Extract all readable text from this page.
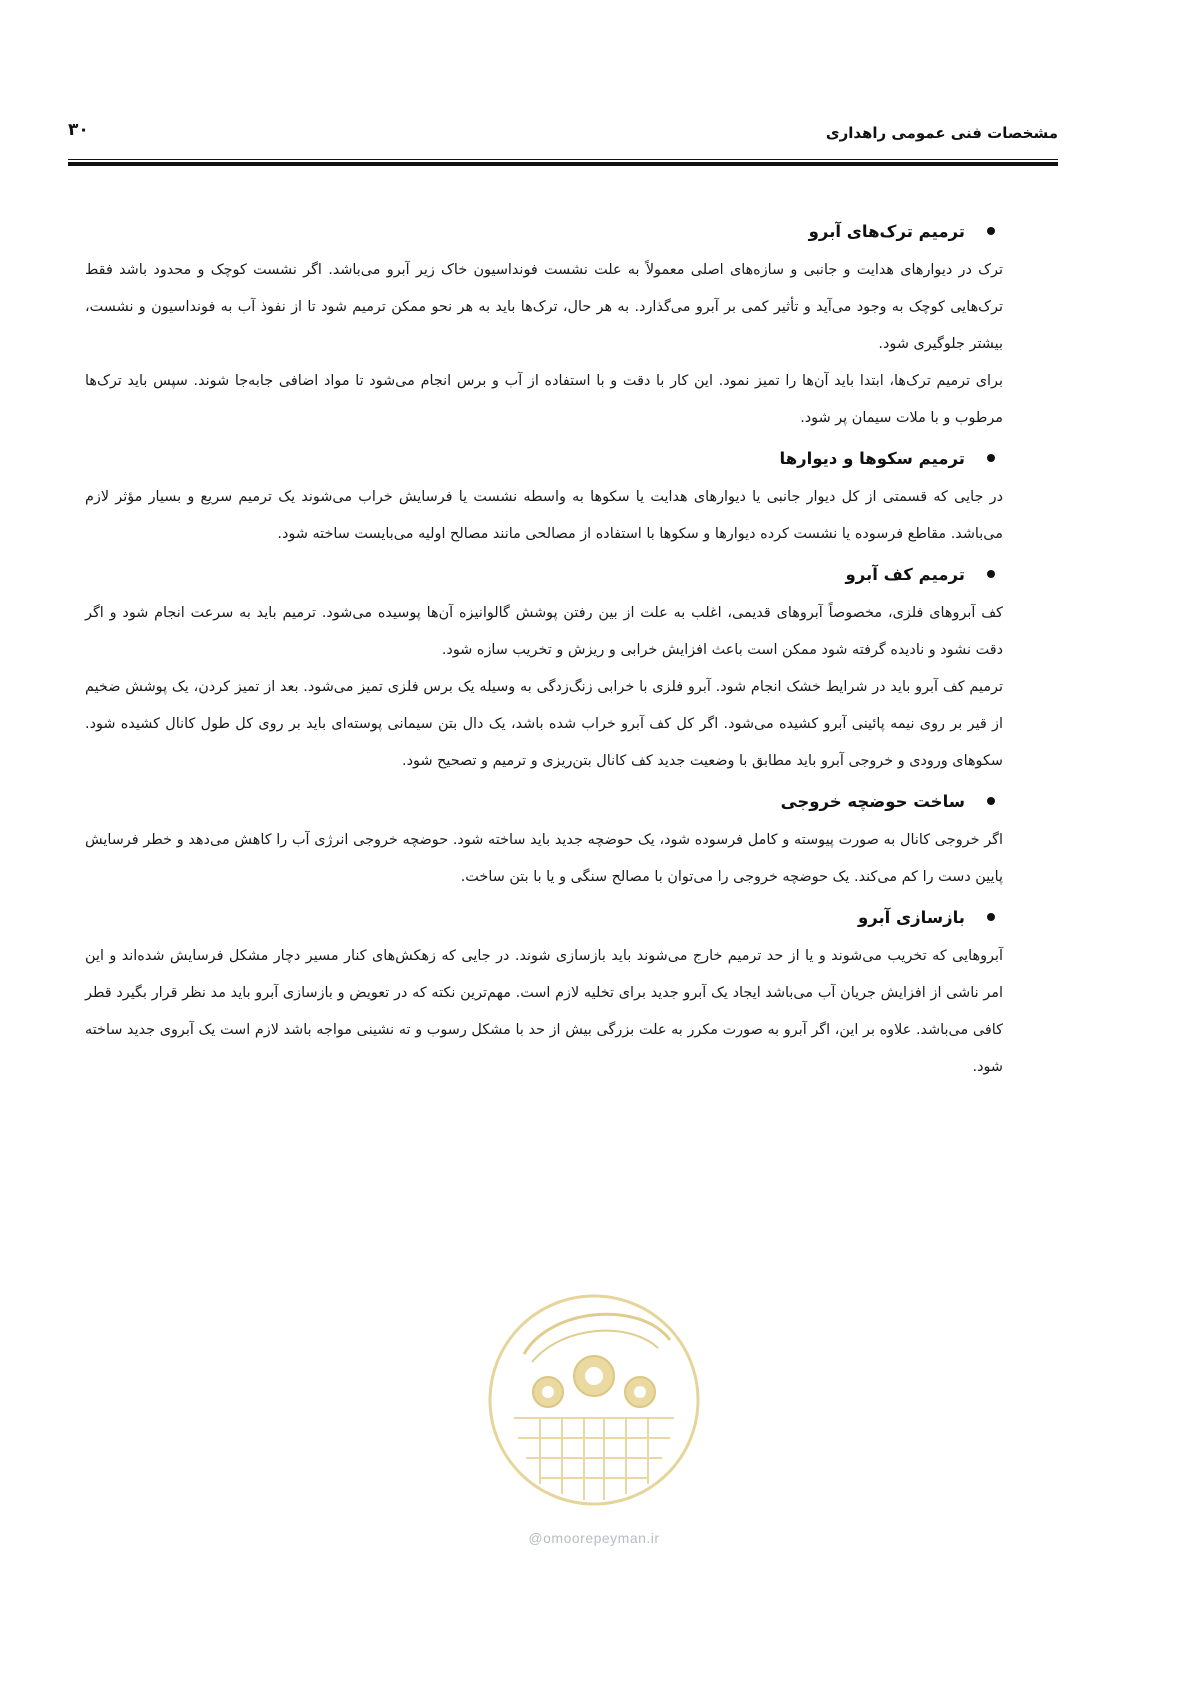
مشخصات فنی عمومی راهداری
۳۰
ترمیم ترک‌های آبرو

ترک در دیوارهای هدایت و جانبی و سازه‌های اصلی معمولاً به علت نشست فونداسیون خاک زیر آبرو می‌باشد. اگر نشست کوچک و محدود باشد فقط ترک‌هایی کوچک به وجود می‌آید و تأثیر کمی بر آبرو می‌گذارد. به هر حال، ترک‌ها باید به هر نحو ممکن ترمیم شود تا از نفوذ آب به فونداسیون و نشست، بیشتر جلوگیری شود.

برای ترمیم ترک‌ها، ابتدا باید آن‌ها را تمیز نمود. این کار با دقت و با استفاده از آب و برس انجام می‌شود تا مواد اضافی جابه‌جا شوند. سپس باید ترک‌ها مرطوب و با ملات سیمان پر شود.

ترمیم سکوها و دیوارها

در جایی که قسمتی از کل دیوار جانبی یا دیوارهای هدایت یا سکوها به واسطه نشست یا فرسایش خراب می‌شوند یک ترمیم سریع و بسیار مؤثر لازم می‌باشد. مقاطع فرسوده یا نشست کرده دیوارها و سکوها با استفاده از مصالحی مانند مصالح اولیه می‌بایست ساخته شود.

ترمیم کف آبرو

کف آبروهای فلزی، مخصوصاً آبروهای قدیمی، اغلب به علت از بین رفتن پوشش گالوانیزه آن‌ها پوسیده می‌شود. ترمیم باید به سرعت انجام شود و اگر دقت نشود و نادیده گرفته شود ممکن است باعث افزایش خرابی و ریزش و تخریب سازه شود.

ترمیم کف آبرو باید در شرایط خشک انجام شود. آبرو فلزی با خرابی زنگ‌زدگی به وسیله یک برس فلزی تمیز می‌شود. بعد از تمیز کردن، یک پوشش ضخیم از قیر بر روی نیمه پائینی آبرو کشیده می‌شود. اگر کل کف آبرو خراب شده باشد، یک دال بتن سیمانی پوسته‌ای باید بر روی کل طول کانال کشیده شود. سکوهای ورودی و خروجی آبرو باید مطابق با وضعیت جدید کف کانال بتن‌ریزی و ترمیم و تصحیح شود.

ساخت حوضچه خروجی

اگر خروجی کانال به صورت پیوسته و کامل فرسوده شود، یک حوضچه جدید باید ساخته شود. حوضچه خروجی انرژی آب را کاهش می‌دهد و خطر فرسایش پایین دست را کم می‌کند. یک حوضچه خروجی را می‌توان با مصالح سنگی و یا با بتن ساخت.

بازسازی آبرو

آبروهایی که تخریب می‌شوند و یا از حد ترمیم خارج می‌شوند باید بازسازی شوند. در جایی که زهکش‌های کنار مسیر دچار مشکل فرسایش شده‌اند و این امر ناشی از افزایش جریان آب می‌باشد ایجاد یک آبرو جدید برای تخلیه لازم است. مهم‌ترین نکته که در تعویض و بازسازی آبرو باید مد نظر قرار بگیرد قطر کافی می‌باشد. علاوه بر این، اگر آبرو به صورت مکرر به علت بزرگی بیش از حد با مشکل رسوب و ته نشینی مواجه باشد لازم است یک آبروی جدید ساخته شود.

@omoorepeyman.ir
